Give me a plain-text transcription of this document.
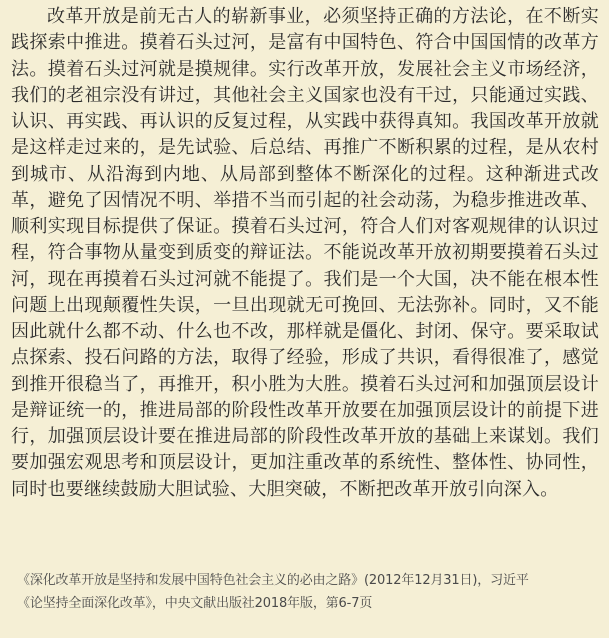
改革开放是前无古人的崭新事业，必须坚持正确的方法论，在不断实践探索中推进。摸着石头过河，是富有中国特色、符合中国国情的改革方法。摸着石头过河就是摸规律。实行改革开放，发展社会主义市场经济，我们的老祖宗没有讲过，其他社会主义国家也没有干过，只能通过实践、认识、再实践、再认识的反复过程，从实践中获得真知。我国改革开放就是这样走过来的，是先试验、后总结、再推广不断积累的过程，是从农村到城市、从沿海到内地、从局部到整体不断深化的过程。这种渐进式改革，避免了因情况不明、举措不当而引起的社会动荡，为稳步推进改革、顺利实现目标提供了保证。摸着石头过河，符合人们对客观规律的认识过程，符合事物从量变到质变的辩证法。不能说改革开放初期要摸着石头过河，现在再摸着石头过河就不能提了。我们是一个大国，决不能在根本性问题上出现颠覆性失误，一旦出现就无可挽回、无法弥补。同时，又不能因此就什么都不动、什么也不改，那样就是僵化、封闭、保守。要采取试点探索、投石问路的方法，取得了经验，形成了共识，看得很准了，感觉到推开很稳当了，再推开，积小胜为大胜。摸着石头过河和加强顶层设计是辩证统一的，推进局部的阶段性改革开放要在加强顶层设计的前提下进行，加强顶层设计要在推进局部的阶段性改革开放的基础上来谋划。我们要加强宏观思考和顶层设计，更加注重改革的系统性、整体性、协同性，同时也要继续鼓励大胆试验、大胆突破，不断把改革开放引向深入。

《深化改革开放是坚持和发展中国特色社会主义的必由之路》(2012年12月31日)，习近平
《论坚持全面深化改革》，中央文献出版社2018年版，第6-7页
